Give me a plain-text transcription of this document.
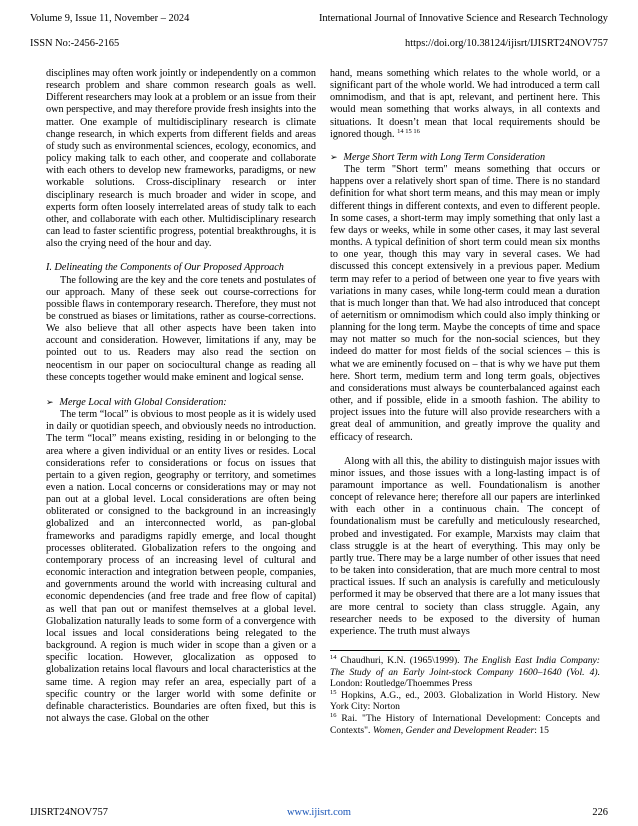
Volume 9, Issue 11, November – 2024	International Journal of Innovative Science and Research Technology
ISSN No:-2456-2165	https://doi.org/10.38124/ijisrt/IJISRT24NOV757

disciplines may often work jointly or independently on a common research problem and share common research goals as well. Different researchers may look at a problem or an issue from their own perspective, and may therefore provide fresh insights into the matter. One example of multidisciplinary research is climate change research, in which experts from different fields and areas of study such as environmental sciences, ecology, economics, and policy making talk to each other, and cooperate and collaborate with each others to develop new frameworks, paradigms, or new workable solutions. Cross-disciplinary research or inter disciplinary research is much broader and wider in scope, and experts form often loosely interrelated areas of study talk to each other, and collaborate with each other. Multidisciplinary research can lead to faster scientific progress, potential breakthroughs, it is also the crying need of the hour and day.

I. Delineating the Components of Our Proposed Approach

The following are the key and the core tenets and postulates of our approach. Many of these seek out course-corrections for possible flaws in contemporary research. Therefore, they must not be construed as biases or limitations, rather as course-corrections. We also believe that all other aspects have been taken into account and consideration. However, limitations if any, may be pointed out to us. Readers may also read the section on neocentism in our paper on sociocultural change as reading all these concepts together would make eminent and logical sense.

➢ Merge Local with Global Consideration:

The term “local” is obvious to most people as it is widely used in daily or quotidian speech, and obviously needs no introduction. The term “local” means existing, residing in or belonging to the area where a given individual or an entity lives or resides. Local considerations refer to considerations or focus on issues that pertain to a given region, geography or territory, and sometimes even a nation. Local concerns or considerations may or may not pan out at a global level. Local considerations are often being obliterated or consigned to the background in an increasingly globalized and an interconnected world, as pan-global frameworks and paradigms rapidly emerge, and local thought processes obliterated. Globalization refers to the ongoing and contemporary process of an increasing level of cultural and economic interaction and integration between people, companies, and governments around the world with increasing cultural and economic dependencies (and free trade and free flow of capital) as well that pan out or manifest themselves at a global level. Globalization naturally leads to some form of a convergence with local issues and local considerations being relegated to the background. A region is much wider in scope than a given or a specific location. However, glocalization as opposed to globalization retains local flavours and local characteristics at the same time. A region may refer an area, especially part of a specific country or the larger world with some definite or definable characteristics. Boundaries are often fixed, but this is not always the case. Global on the other

hand, means something which relates to the whole world, or a significant part of the whole world. We had introduced a term call omnimodism, and that is apt, relevant, and pertinent here. This would mean something that works always, in all contexts and situations. It doesn’t mean that local requirements should be ignored though. $^{14 15 16}$

➢ Merge Short Term with Long Term Consideration

The term "Short term" means something that occurs or happens over a relatively short span of time. There is no standard definition for what short term means, and this may mean or imply different things in different contexts, and even to different people. In some cases, a short-term may imply something that only last a few days or weeks, while in some other cases, it may last several months. A typical definition of short term could mean six months to one year, though this may vary in several cases. We had discussed this concept extensively in a previous paper. Medium term may refer to a period of between one year to five years with variations in many cases, while long-term could mean a duration that is much longer than that. We had also introduced that concept of aeternitism or omnimodism which could also imply thinking or planning for the long term. Maybe the concepts of time and space may not matter so much for the non-social sciences, but they indeed do matter for most fields of the social sciences – this is what we are eminently focused on – that is why we have put them here. Short term, medium term and long term goals, objectives and considerations must always be counterbalanced against each other, and if possible, elide in a smooth fashion. The ability to project issues into the future will also provide researchers with a great deal of ammunition, and greatly improve the quality and efficacy of research.

Along with all this, the ability to distinguish major issues with minor issues, and those issues with a long-lasting impact is of paramount importance as well. Foundationalism is another concept of relevance here; therefore all our papers are interlinked with each other in a continuous chain. The concept of foundationalism must be carefully and meticulously researched, probed and investigated. For example, Marxists may claim that class struggle is at the heart of everything. This may only be partly true. There may be a large number of other issues that need to be taken into consideration, that are much more central to most practical issues. If such an analysis is carefully and meticulously performed it may be observed that there are a lot many issues that are more central to society than class struggle. Again, any researcher needs to be exposed to the diversity of human experience. The truth must always

$^{14}$ Chaudhuri, K.N. (1965\1999). The English East India Company: The Study of an Early Joint-stock Company 1600–1640 (Vol. 4). London: Routledge/Thoemmes Press

$^{15}$ Hopkins, A.G., ed., 2003. Globalization in World History. New York City: Norton

$^{16}$ Rai. "The History of International Development: Concepts and Contexts". Women, Gender and Development Reader: 15

IJISRT24NOV757	www.ijisrt.com	226
